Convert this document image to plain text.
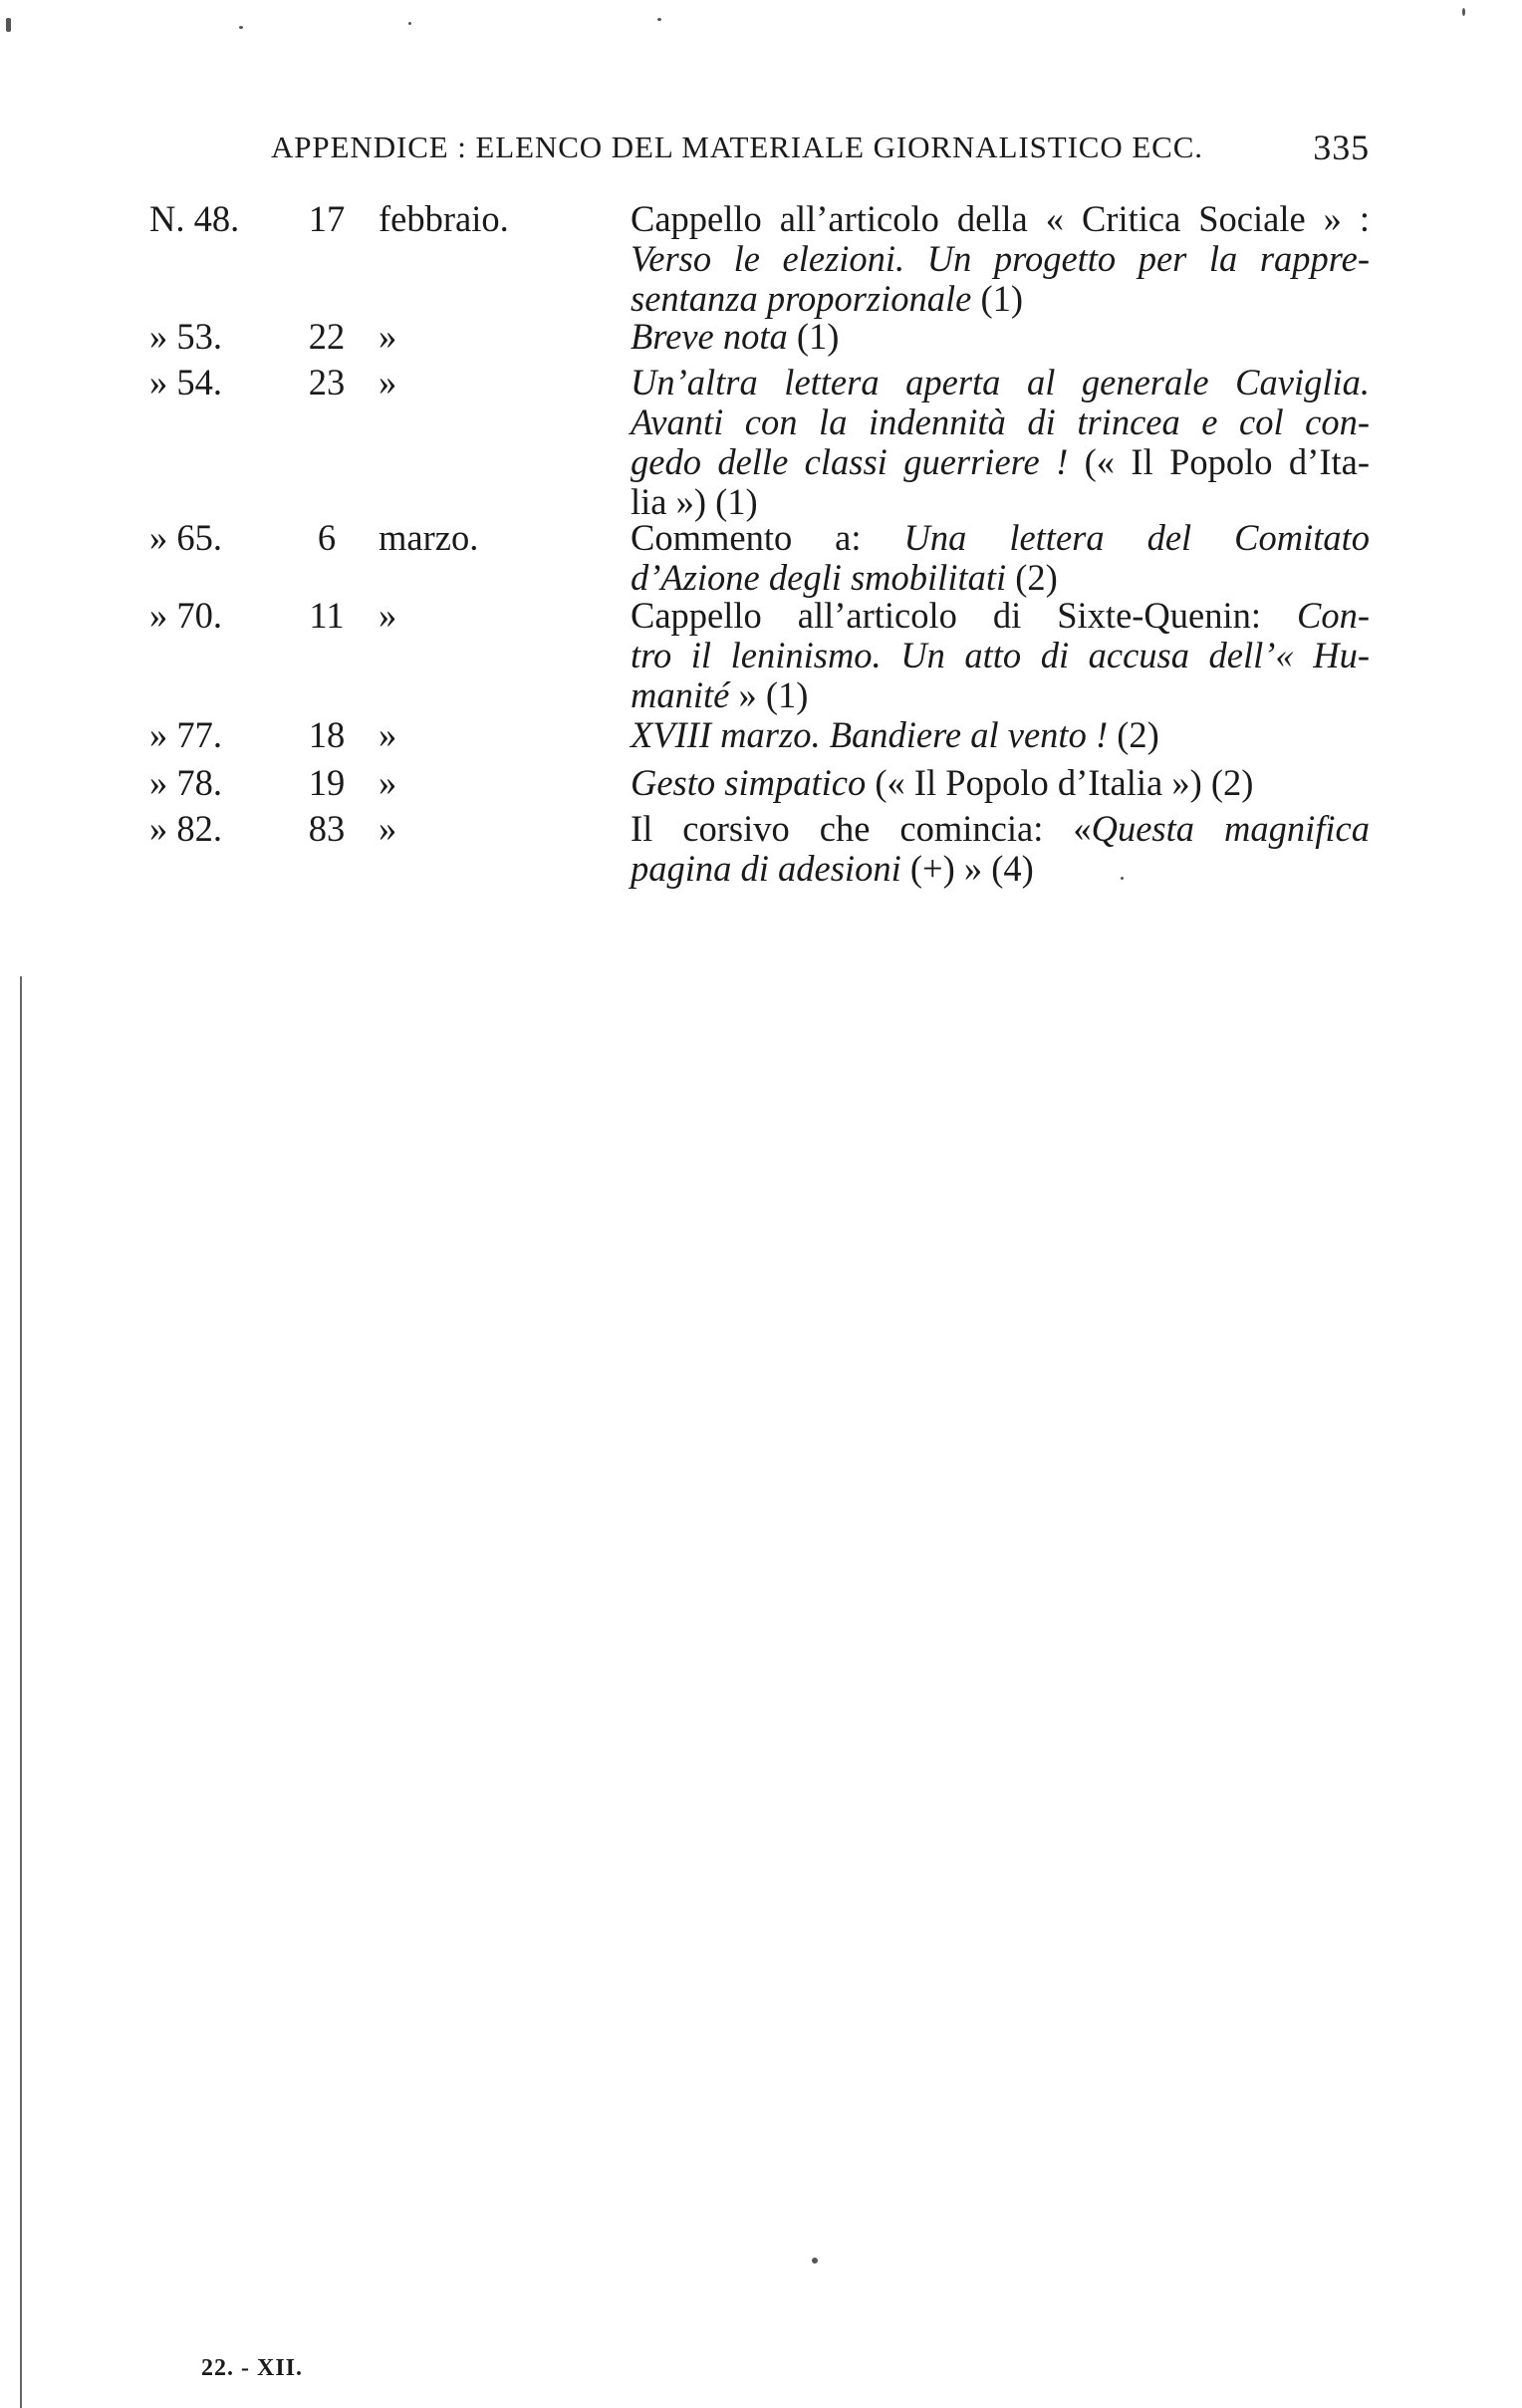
APPENDICE : ELENCO DEL MATERIALE GIORNALISTICO ECC.	335
N. 48.	17 febbraio.	Cappello all’articolo della « Critica Sociale » :
Verso le elezioni. Un progetto per la rappre-
sentanza proporzionale (1)
» 53.	22 »	Breve nota (1)
» 54.	23 »	Un’altra lettera aperta al generale Caviglia.
Avanti con la indennità di trincea e col con-
gedo delle classi guerriere ! (« Il Popolo d’Ita-
lia ») (1)
» 65.	6	marzo.	Commento a: Una lettera del Comitato
d’Azione degli smobilitati (2)
» 70.	11 »	Cappello all’articolo di Sixte-Quenin: Con-
tro il leninismo. Un atto di accusa dell’« Hu-
manité » (1)
» 77.	18 »	XVIII marzo. Bandiere al vento ! (2)
» 78.	19 »	Gesto simpatico (« Il Popolo d’Italia ») (2)
» 82.	83 »	Il corsivo che comincia: «Questa magnifica
pagina di adesioni (+) » (4)
22. - XII.
